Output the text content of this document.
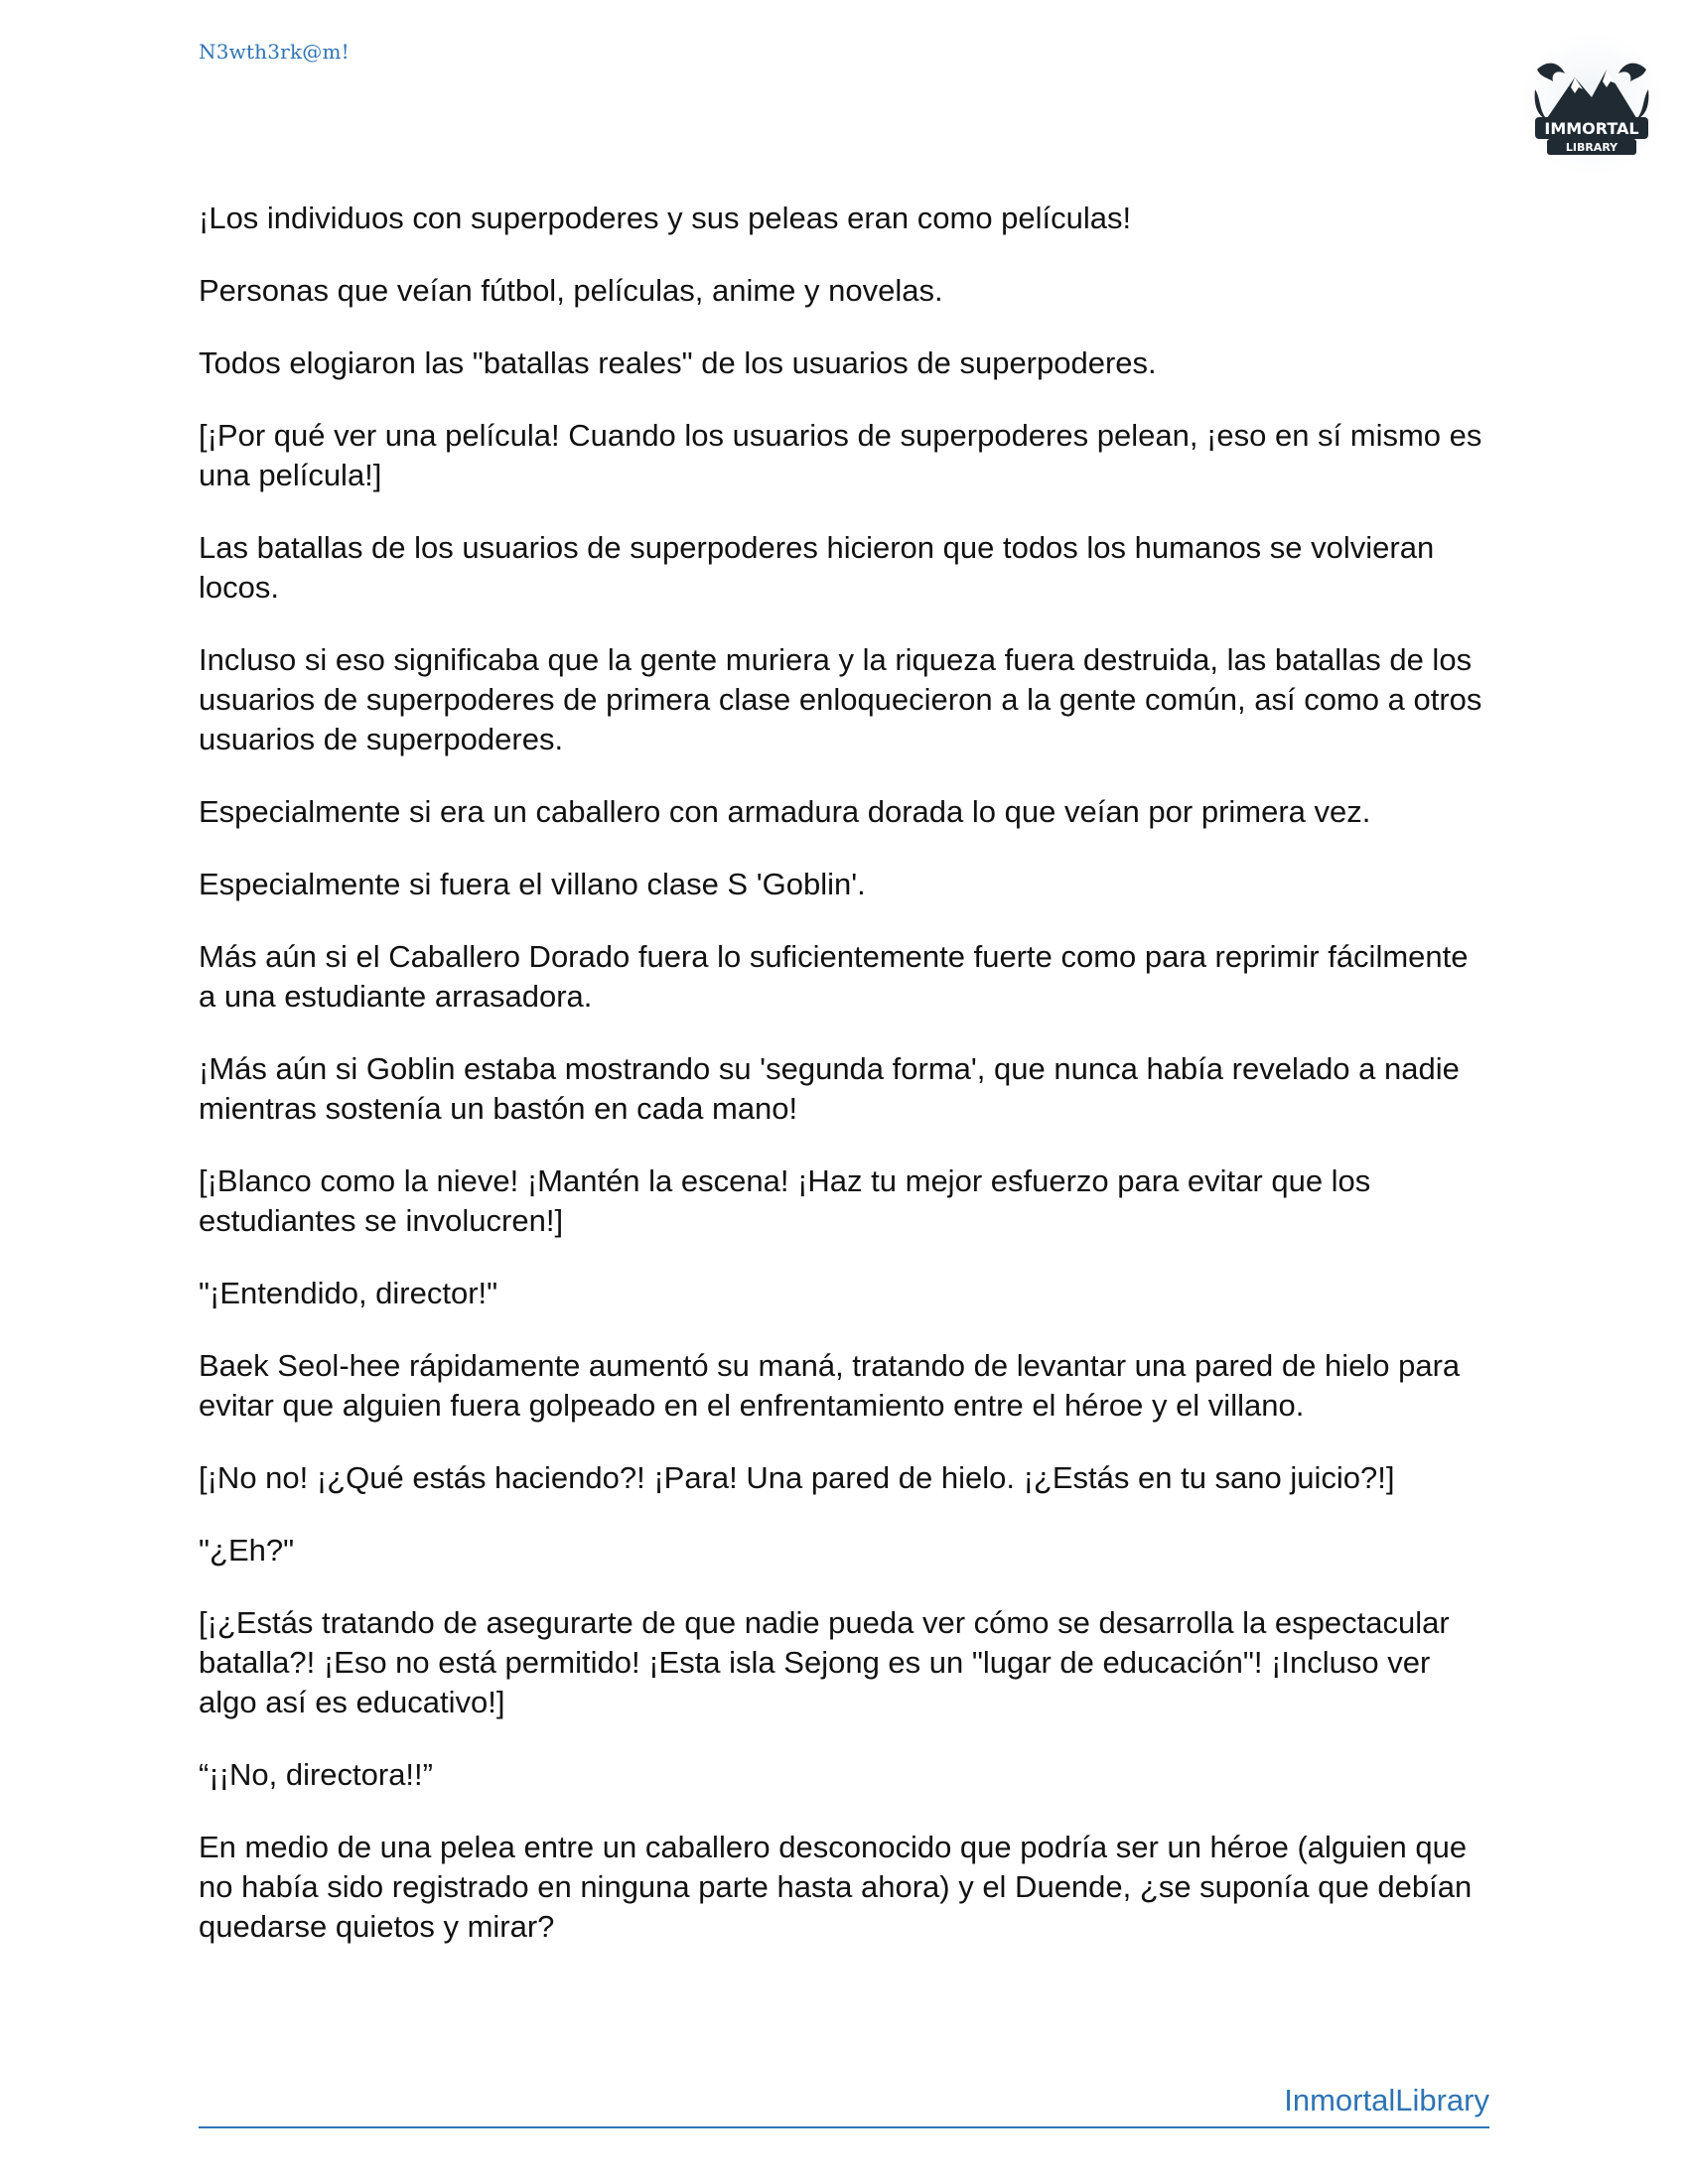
N3wth3rk@m!
IMMORTAL
LIBRARY

¡Los individuos con superpoderes y sus peleas eran como películas!

Personas que veían fútbol, películas, anime y novelas.

Todos elogiaron las "batallas reales" de los usuarios de superpoderes.

[¡Por qué ver una película! Cuando los usuarios de superpoderes pelean, ¡eso en sí mismo es una película!]

Las batallas de los usuarios de superpoderes hicieron que todos los humanos se volvieran locos.

Incluso si eso significaba que la gente muriera y la riqueza fuera destruida, las batallas de los usuarios de superpoderes de primera clase enloquecieron a la gente común, así como a otros usuarios de superpoderes.

Especialmente si era un caballero con armadura dorada lo que veían por primera vez.

Especialmente si fuera el villano clase S 'Goblin'.

Más aún si el Caballero Dorado fuera lo suficientemente fuerte como para reprimir fácilmente a una estudiante arrasadora.

¡Más aún si Goblin estaba mostrando su 'segunda forma', que nunca había revelado a nadie mientras sostenía un bastón en cada mano!

[¡Blanco como la nieve! ¡Mantén la escena! ¡Haz tu mejor esfuerzo para evitar que los estudiantes se involucren!]

"¡Entendido, director!"

Baek Seol-hee rápidamente aumentó su maná, tratando de levantar una pared de hielo para evitar que alguien fuera golpeado en el enfrentamiento entre el héroe y el villano.

[¡No no! ¡¿Qué estás haciendo?! ¡Para! Una pared de hielo. ¡¿Estás en tu sano juicio?!]

"¿Eh?"

[¡¿Estás tratando de asegurarte de que nadie pueda ver cómo se desarrolla la espectacular batalla?! ¡Eso no está permitido! ¡Esta isla Sejong es un "lugar de educación"! ¡Incluso ver algo así es educativo!]

“¡¡No, directora!!”

En medio de una pelea entre un caballero desconocido que podría ser un héroe (alguien que no había sido registrado en ninguna parte hasta ahora) y el Duende, ¿se suponía que debían quedarse quietos y mirar?

InmortalLibrary
